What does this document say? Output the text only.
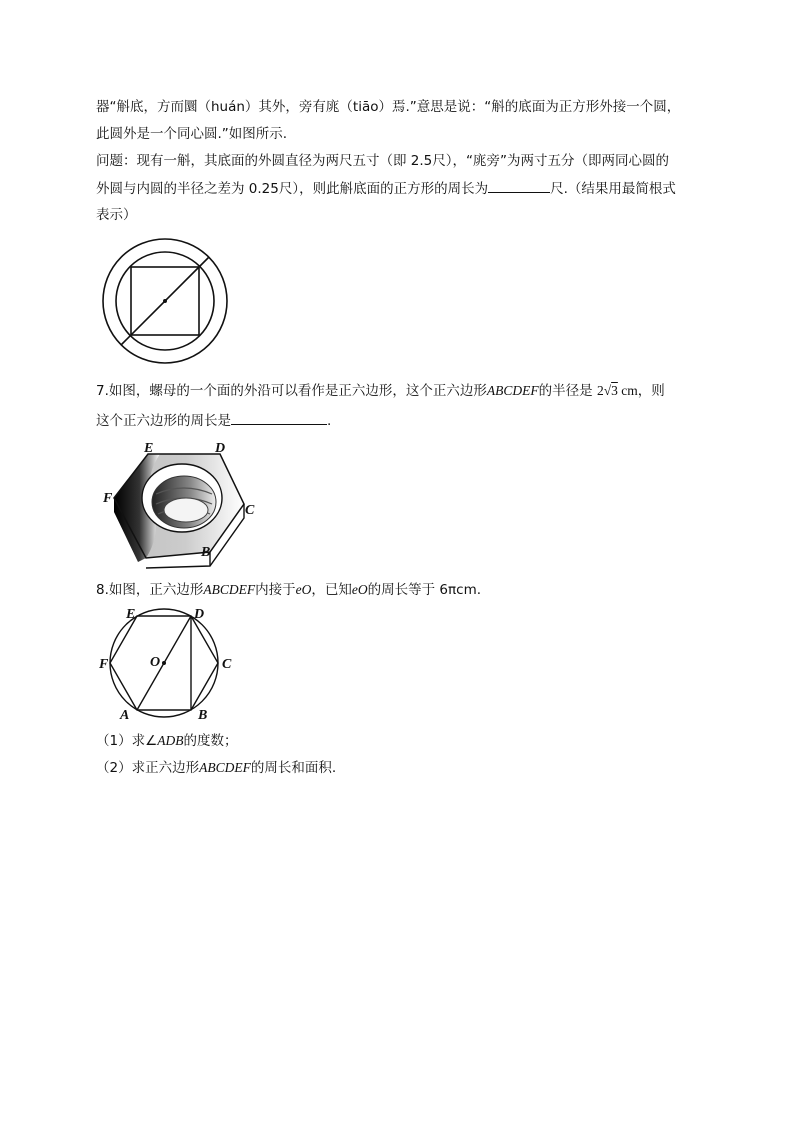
器“斛底，方而圜（huán）其外，旁有庣（tiāo）焉.”意思是说：“斛的底面为正方形外接一个圆，
此圆外是一个同心圆.”如图所示.
问题：现有一斛，其底面的外圆直径为两尺五寸（即 2.5尺），“庣旁”为两寸五分（即两同心圆的
外圆与内圆的半径之差为 0.25尺），则此斛底面的正方形的周长为	尺.（结果用最简根式
表示）
7.如图，螺母的一个面的外沿可以看作是正六边形，这个正六边形ABCDEF的半径是 2√3 cm，则
这个正六边形的周长是	.
E	D
F
C
B
8.如图，正六边形ABCDEF内接于eO，已知eO的周长等于 6πcm.
E	D
F	O	C
A	B
（1）求∠ADB的度数；
（2）求正六边形ABCDEF的周长和面积.
